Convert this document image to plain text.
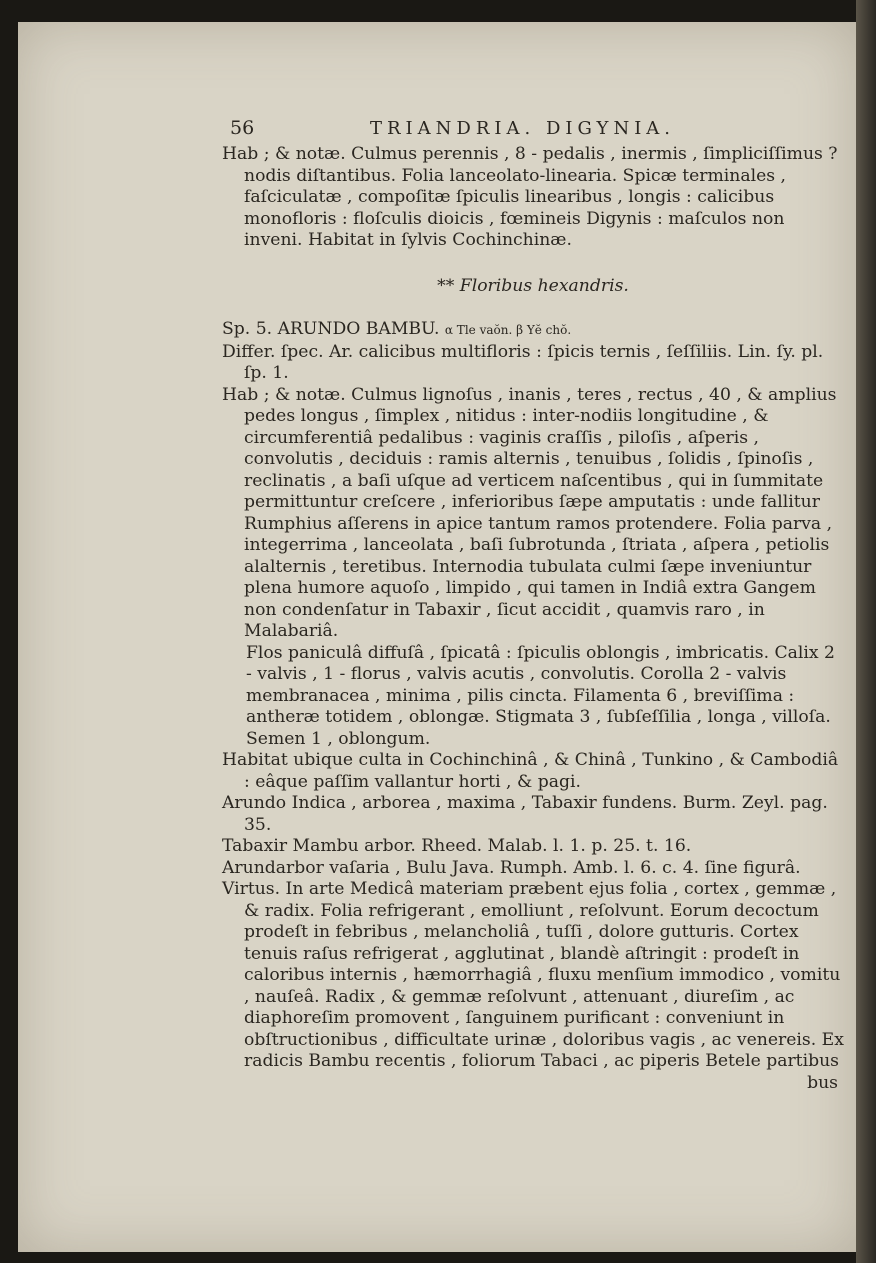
56	TRIANDRIA. DIGYNIA.

Hab ; & notæ. Culmus perennis , 8 - pedalis , inermis , ſimpliciſſimus ? nodis diſtantibus. Folia lanceolato-linearia. Spicæ terminales , faſciculatæ , compoſitæ ſpiculis linearibus , longis : calicibus monofloris : floſculis dioicis , fœmineis Digynis : maſculos non inveni. Habitat in ſylvis Cochinchinæ.

** Floribus hexandris.

Sp. 5. ARUNDO BAMBU. α Tle vaŏn. β Yĕ chŏ.

Differ. ſpec. Ar. calicibus multifloris : ſpicis ternis , ſeſſiliis. Lin. ſy. pl. ſp. 1.

Hab ; & notæ. Culmus lignoſus , inanis , teres , rectus , 40 , & amplius pedes longus , ſimplex , nitidus : inter-nodiis longitudine , & circumferentiâ pedalibus : vaginis craſſis , piloſis , aſperis , convolutis , deciduis : ramis alternis , tenuibus , ſolidis , ſpinoſis , reclinatis , a baſi uſque ad verticem naſcentibus , qui in ſummitate permittuntur creſcere , inferioribus ſæpe amputatis : unde fallitur Rumphius aſſerens in apice tantum ramos protendere. Folia parva , integerrima , lanceolata , baſi ſubrotunda , ſtriata , aſpera , petiolis alalternis , teretibus. Internodia tubulata culmi ſæpe inveniuntur plena humore aquoſo , limpido , qui tamen in Indiâ extra Gangem non condenſatur in Tabaxir , ſicut accidit , quamvis raro , in Malabariâ.

Flos paniculâ diffuſâ , ſpicatâ : ſpiculis oblongis , imbricatis. Calix 2 - valvis , 1 - florus , valvis acutis , convolutis. Corolla 2 - valvis membranacea , minima , pilis cincta. Filamenta 6 , breviſſima : antheræ totidem , oblongæ. Stigmata 3 , ſubſeſſilia , longa , villoſa. Semen 1 , oblongum.

Habitat ubique culta in Cochinchinâ , & Chinâ , Tunkino , & Cambodiâ : eâque paſſim vallantur horti , & pagi.

Arundo Indica , arborea , maxima , Tabaxir fundens. Burm. Zeyl. pag. 35.

Tabaxir Mambu arbor. Rheed. Malab. l. 1. p. 25. t. 16.

Arundarbor vaſaria , Bulu Java. Rumph. Amb. l. 6. c. 4. ſine figurâ.

Virtus. In arte Medicâ materiam præbent ejus folia , cortex , gemmæ , & radix. Folia refrigerant , emolliunt , reſolvunt. Eorum decoctum prodeſt in febribus , melancholiâ , tuſſi , dolore gutturis. Cortex tenuis raſus refrigerat , agglutinat , blandè aſtringit : prodeſt in caloribus internis , hæmorrhagiâ , fluxu menſium immodico , vomitu , nauſeâ. Radix , & gemmæ reſolvunt , attenuant , diureſim , ac diaphoreſim promovent , ſanguinem purificant : conveniunt in obſtructionibus , difficultate urinæ , doloribus vagis , ac venereis. Ex radicis Bambu recentis , foliorum Tabaci , ac piperis Betele partibus

bus
